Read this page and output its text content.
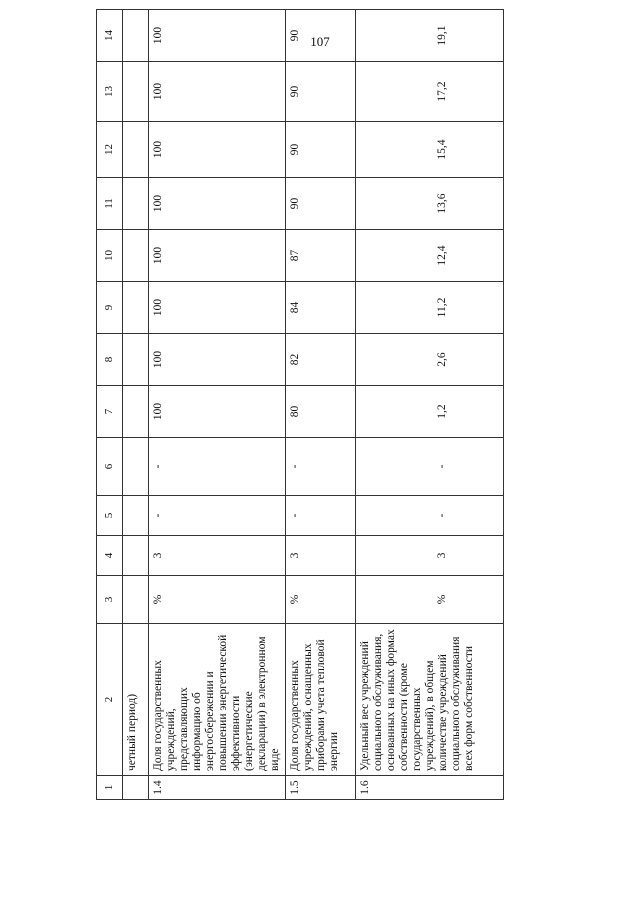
107
1	2	3	4	5	6	7	8	9	10	11	12	13	14
	четный период)												
1.4	Доля государственных учреждений, представляющих информацию об энергосбережении и повышении энергетической эффективности (энергетические декларации) в электронном виде	%	3	-	-	100	100	100	100	100	100	100	100
1.5	Доля государственных учреждений, оснащенных приборами учета тепловой энергии	%	3	-	-	80	82	84	87	90	90	90	90
1.6	Удельный вес учреждений социального обслуживания, основанных на иных формах собственности (кроме государственных учреждений), в общем количестве учреждений социального обслуживания всех форм собственности	%	3	-	-	1,2	2,6	11,2	12,4	13,6	15,4	17,2	19,1
